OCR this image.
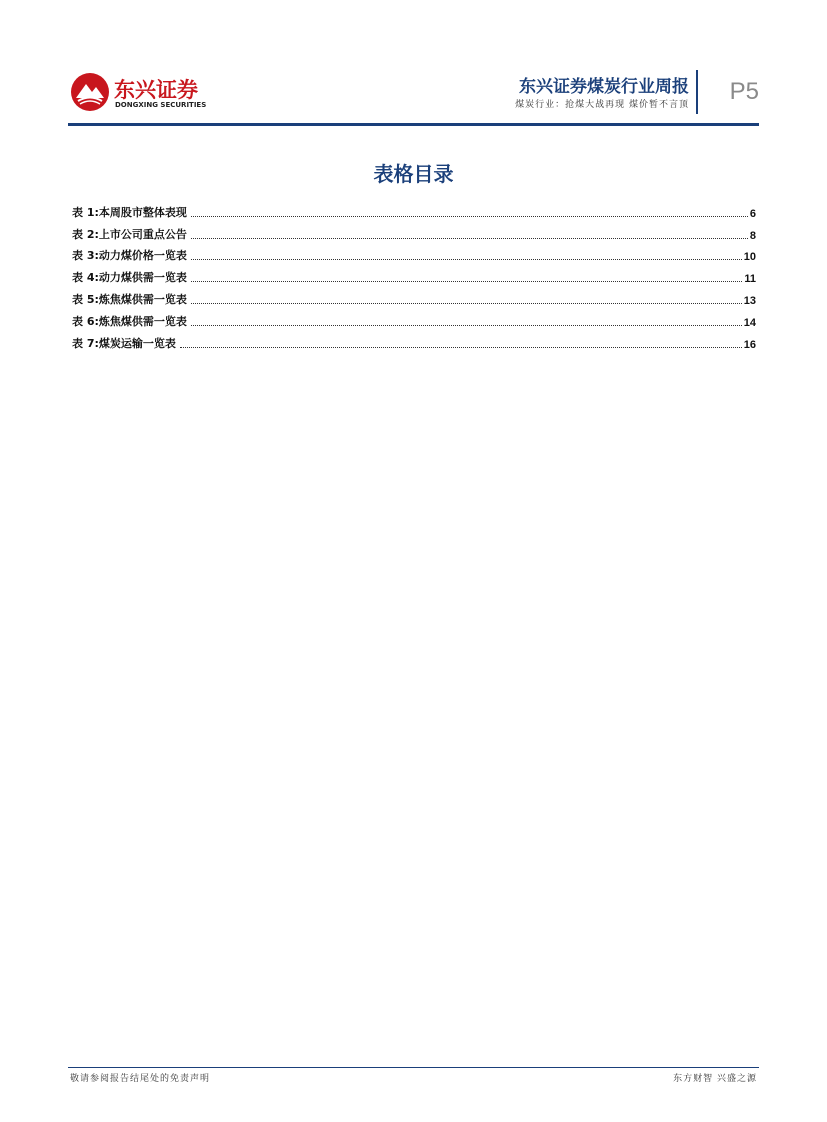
东兴证券
DONGXING SECURITIES
东兴证券煤炭行业周报
煤炭行业：抢煤大战再现 煤价暂不言顶 P5
表格目录
表 1:本周股市整体表现	6
表 2:上市公司重点公告	8
表 3:动力煤价格一览表	10
表 4:动力煤供需一览表	11
表 5:炼焦煤供需一览表	13
表 6:炼焦煤供需一览表	14
表 7:煤炭运输一览表	16
敬请参阅报告结尾处的免责声明	东方财智 兴盛之源
